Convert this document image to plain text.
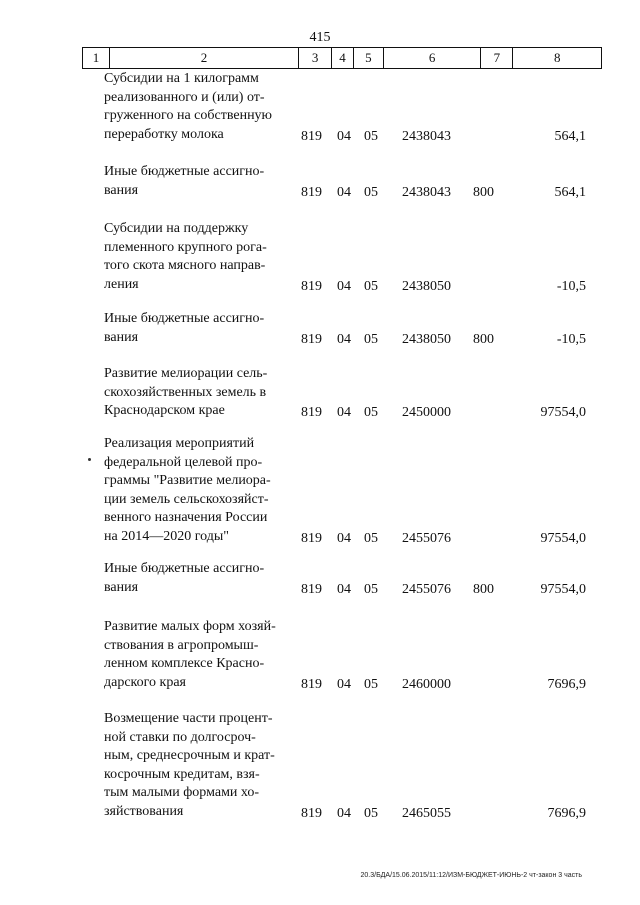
415
1	2	3	4	5	6	7	8
Субсидии на 1 килограмм
реализованного и (или) от-
груженного на собственную
переработку молока	819 04 05 2438043	564,1
Иные бюджетные ассигно-
вания	819 04 05 2438043 800	564,1
Субсидии на поддержку
племенного крупного рога-
того скота мясного направ-
ления	819 04 05 2438050	-10,5
Иные бюджетные ассигно-
вания	819 04 05 2438050 800	-10,5
Развитие мелиорации сель-
скохозяйственных земель в
Краснодарском крае	819 04 05 2450000	97554,0
Реализация мероприятий
федеральной целевой про-
граммы "Развитие мелиора-
ции земель сельскохозяйст-
венного назначения России
на 2014—2020 годы"	819 04 05 2455076	97554,0
Иные бюджетные ассигно-
вания	819 04 05 2455076 800	97554,0
Развитие малых форм хозяй-
ствования в агропромыш-
ленном комплексе Красно-
дарского края	819 04 05 2460000	7696,9
Возмещение части процент-
ной ставки по долгосроч-
ным, среднесрочным и крат-
косрочным кредитам, взя-
тым малыми формами хо-
зяйствования	819 04 05 2465055	7696,9
20.3/БДА/15.06.2015/11:12/ИЗМ-БЮДЖЕТ-ИЮНЬ-2 чт-закон 3 часть
